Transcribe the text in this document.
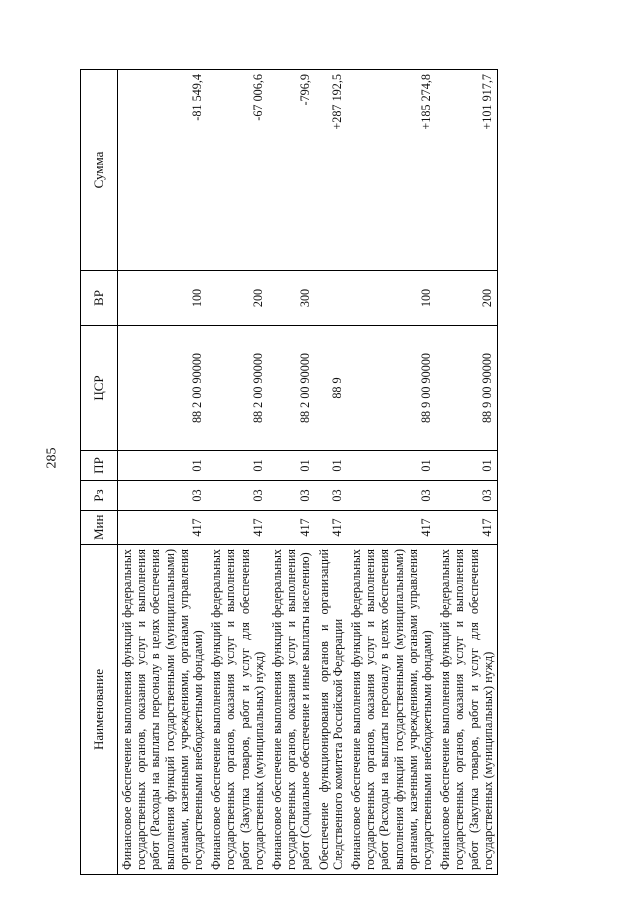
285
Наименование	Мин	Рз	ПР	ЦСР	ВР	Сумма
Финансовое обеспечение выполнения функций федеральных государственных органов, оказания услуг и выполнения работ (Расходы на выплаты персоналу в целях обеспечения выполнения функций государственными (муниципальными) органами, казенными учреждениями, органами управления государственными внебюджетными фондами)	417	03	01	88 2 00 90000	100	-81 549,4
Финансовое обеспечение выполнения функций федеральных государственных органов, оказания услуг и выполнения работ (Закупка товаров, работ и услуг для обеспечения государственных (муниципальных) нужд)	417	03	01	88 2 00 90000	200	-67 006,6
Финансовое обеспечение выполнения функций федеральных государственных органов, оказания услуг и выполнения работ (Социальное обеспечение и иные выплаты населению)	417	03	01	88 2 00 90000	300	-796,9
Обеспечение функционирования органов и организаций Следственного комитета Российской Федерации	417	03	01	88 9		+287 192,5
Финансовое обеспечение выполнения функций федеральных государственных органов, оказания услуг и выполнения работ (Расходы на выплаты персоналу в целях обеспечения выполнения функций государственными (муниципальными) органами, казенными учреждениями, органами управления государственными внебюджетными фондами)	417	03	01	88 9 00 90000	100	+185 274,8
Финансовое обеспечение выполнения функций федеральных государственных органов, оказания услуг и выполнения работ (Закупка товаров, работ и услуг для обеспечения государственных (муниципальных) нужд)	417	03	01	88 9 00 90000	200	+101 917,7
